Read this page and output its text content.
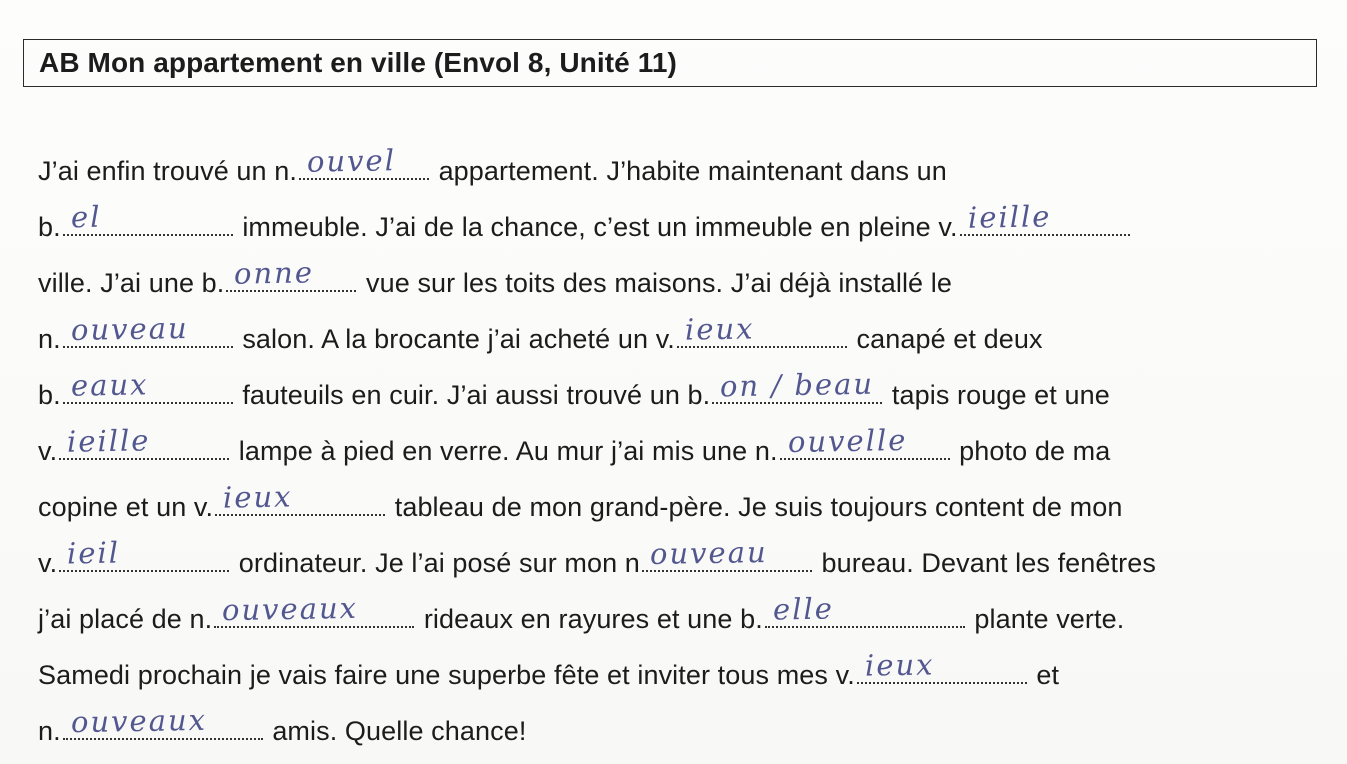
AB Mon appartement en ville (Envol 8, Unité 11)
J’ai enfin trouvé un n. ouvel appartement. J’habite maintenant dans un
b. el	immeuble. J’ai de la chance, c’est un immeuble en pleine v. ieille
ville. J’ai une b. onne vue sur les toits des maisons. J’ai déjà installé le
n. ouveau salon. A la brocante j’ai acheté un v. ieux	canapé et deux
b. eaux	fauteuils en cuir. J’ai aussi trouvé un b. on / beau tapis rouge et une
v. ieille	lampe à pied en verre. Au mur j’ai mis une n. ouvelle photo de ma
copine et un v. ieux	tableau de mon grand-père. Je suis toujours content de mon
v. ieil	ordinateur. Je l’ai posé sur mon n ouveau bureau. Devant les fenêtres
j’ai placé de n. ouveaux rideaux en rayures et une b. elle	plante verte.
Samedi prochain je vais faire une superbe fête et inviter tous mes v. ieux	et
n. ouveaux amis. Quelle chance!
